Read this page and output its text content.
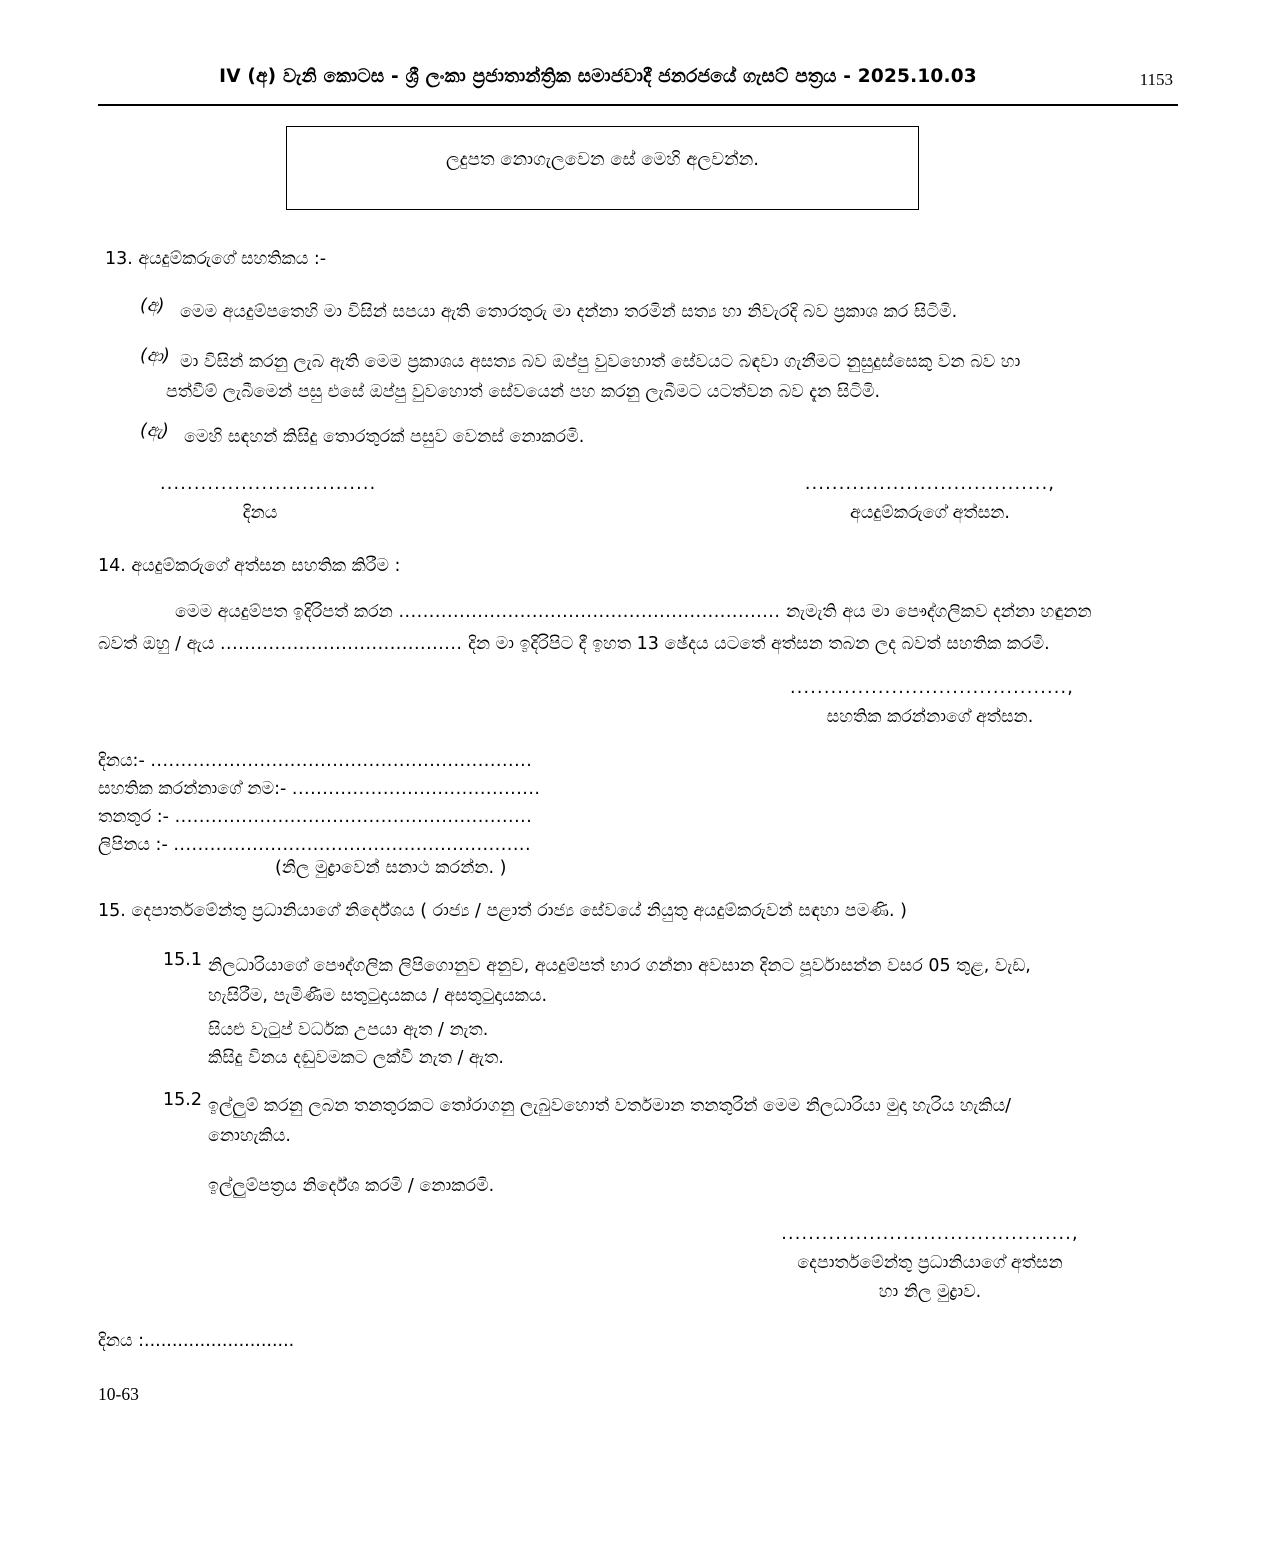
IV (අ) වැනි කොටස - ශ්‍රී ලංකා ප්‍රජාතාන්ත්‍රික සමාජවාදී ජනරජයේ ගැසට් පත්‍රය - 2025.10.03	1153
ලදුපත නොගැලවෙන සේ මෙහි අලවන්න.
13. අයදුම්කරුගේ සහතිකය :-
(අ) මෙම අයදුම්පතෙහි මා විසින් සපයා ඇති තොරතුරු මා දන්නා තරමින් සත්‍ය හා නිවැරදි බව ප්‍රකාශ කර සිටිමි.
(ආ) මා විසින් කරනු ලැබ ඇති මෙම ප්‍රකාශය අසත්‍ය බව ඔප්පු වුවහොත් සේවයට බඳවා ගැනීමට නුසුදුස්සෙකු වන බව හා
පත්වීම් ලැබීමෙන් පසු එසේ ඔප්පු වුවහොත් සේවයෙන් පහ කරනු ලැබීමට යටත්වන බව දැන සිටිමි.
(ඇ) මෙහි සඳහන් කිසිදු තොරතුරක් පසුව වෙනස් නොකරමි.
................................
දිනය
....................................,
අයදුම්කරුගේ අත්සන.
14. අයදුම්කරුගේ අත්සන සහතික කිරීම :
මෙම අයදුම්පත ඉදිරිපත් කරන ............................................................... නැමැති අය මා පෞද්ගලිකව දන්නා හඳුනන
බවත් ඔහු / ඇය ........................................ දින මා ඉදිරිපිට දී ඉහත 13 ඡේදය යටතේ අත්සන තබන ලද බවත් සහතික කරමි.
.........................................,
සහතික කරන්නාගේ අත්සන.
දිනය:- ...............................................................
සහතික කරන්නාගේ නම:- .........................................
තනතුර :- ...........................................................
ලිපිනය :- ...........................................................
(නිල මුද්‍රාවෙන් සනාථ කරන්න. )
15. දෙපාර්තමේන්තු ප්‍රධානියාගේ නිර්දේශය ( රාජ්‍ය / පළාත් රාජ්‍ය සේවයේ නියුතු අයදුම්කරුවන් සඳහා පමණි. )
15.1 නිලධාරියාගේ පෞද්ගලික ලිපිගොනුව අනුව, අයදුම්පත් භාර ගන්නා අවසාන දිනට පූර්වාසන්න වසර 05 තුළ, වැඩ,
හැසිරීම, පැමිණීම සතුටුදායකය / අසතුටුදායකය.
සියළු වැටුප් වර්ධක උපයා ඇත / නැත.
කිසිදු විනය දඬුවමකට ලක්වී නැත / ඇත.
15.2 ඉල්ලුම් කරනු ලබන තනතුරකට තෝරාගනු ලැබුවහොත් වර්තමාන තනතුරින් මෙම නිලධාරියා මුදා හැරිය හැකිය/
නොහැකිය.
ඉල්ලුම්පත්‍රය නිර්දේශ කරමි / නොකරමි.
...........................................,
දෙපාර්තමේන්තු ප්‍රධානියාගේ අත්සන
හා නිල මුද්‍රාව.
දිනය :...........................
10-63
